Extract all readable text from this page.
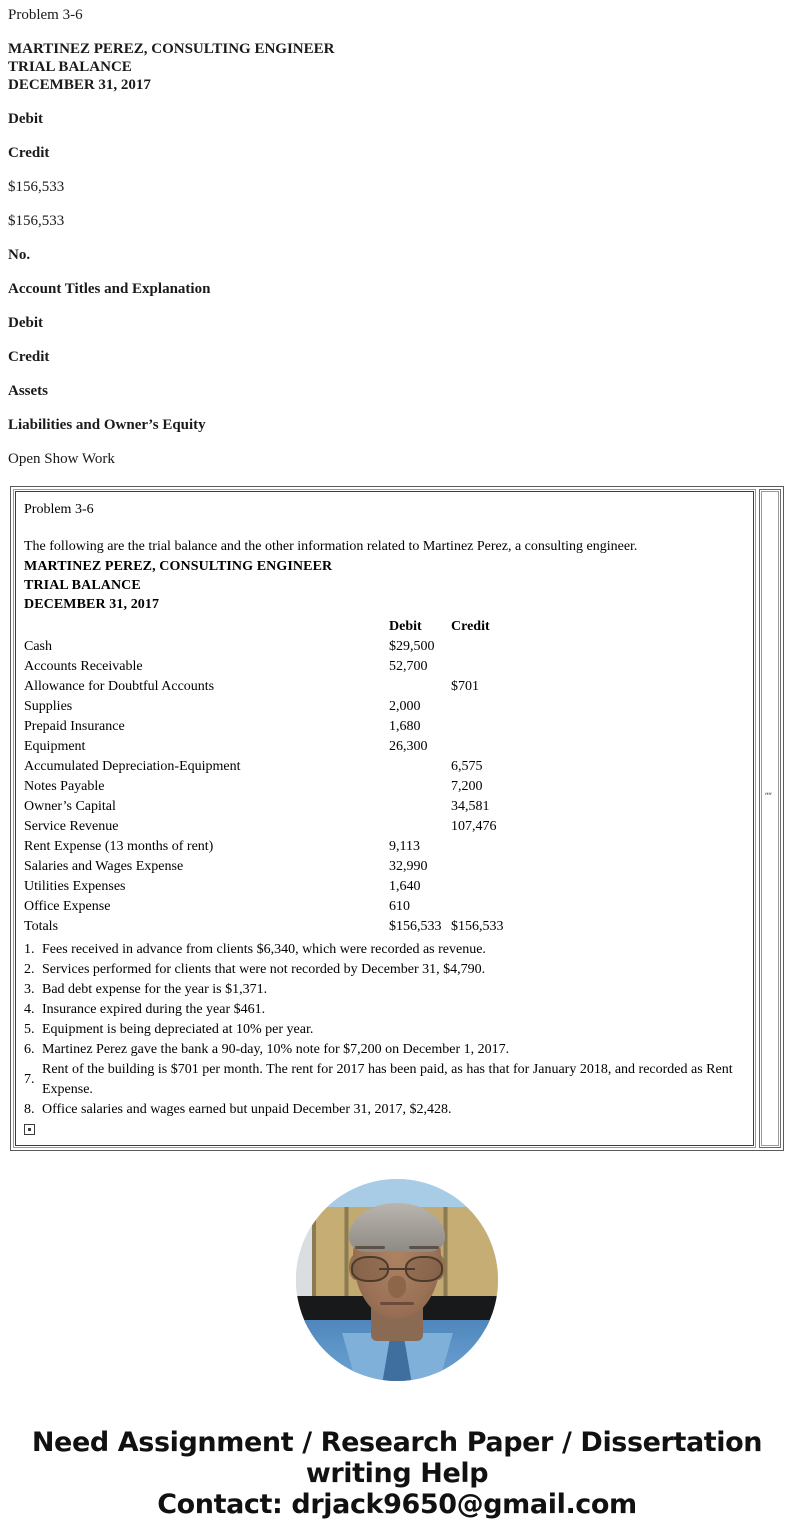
Problem 3-6
MARTINEZ PEREZ, CONSULTING ENGINEER
TRIAL BALANCE
DECEMBER 31, 2017
Debit
Credit
$156,533
$156,533
No.
Account Titles and Explanation
Debit
Credit
Assets
Liabilities and Owner’s Equity
Open Show Work
Problem 3-6
The following are the trial balance and the other information related to Martinez Perez, a consulting engineer.
MARTINEZ PEREZ, CONSULTING ENGINEER
TRIAL BALANCE
DECEMBER 31, 2017
	Debit	Credit
Cash	$29,500	
Accounts Receivable	52,700	
Allowance for Doubtful Accounts		$701
Supplies	2,000	
Prepaid Insurance	1,680	
Equipment	26,300	
Accumulated Depreciation-Equipment		6,575
Notes Payable		7,200
Owner’s Capital		34,581
Service Revenue		107,476
Rent Expense (13 months of rent)	9,113	
Salaries and Wages Expense	32,990	
Utilities Expenses	1,640	
Office Expense	610	
Totals	$156,533	$156,533
1. Fees received in advance from clients $6,340, which were recorded as revenue.
2. Services performed for clients that were not recorded by December 31, $4,790.
3. Bad debt expense for the year is $1,371.
4. Insurance expired during the year $461.
5. Equipment is being depreciated at 10% per year.
6. Martinez Perez gave the bank a 90-day, 10% note for $7,200 on December 1, 2017.
7.
Rent of the building is $701 per month. The rent for 2017 has been paid, as has that for January 2018, and recorded as Rent Expense.
8. Office salaries and wages earned but unpaid December 31, 2017, $2,428.
ʺʺ
Need Assignment / Research Paper / Dissertation
writing Help
Contact: drjack9650@gmail.com
